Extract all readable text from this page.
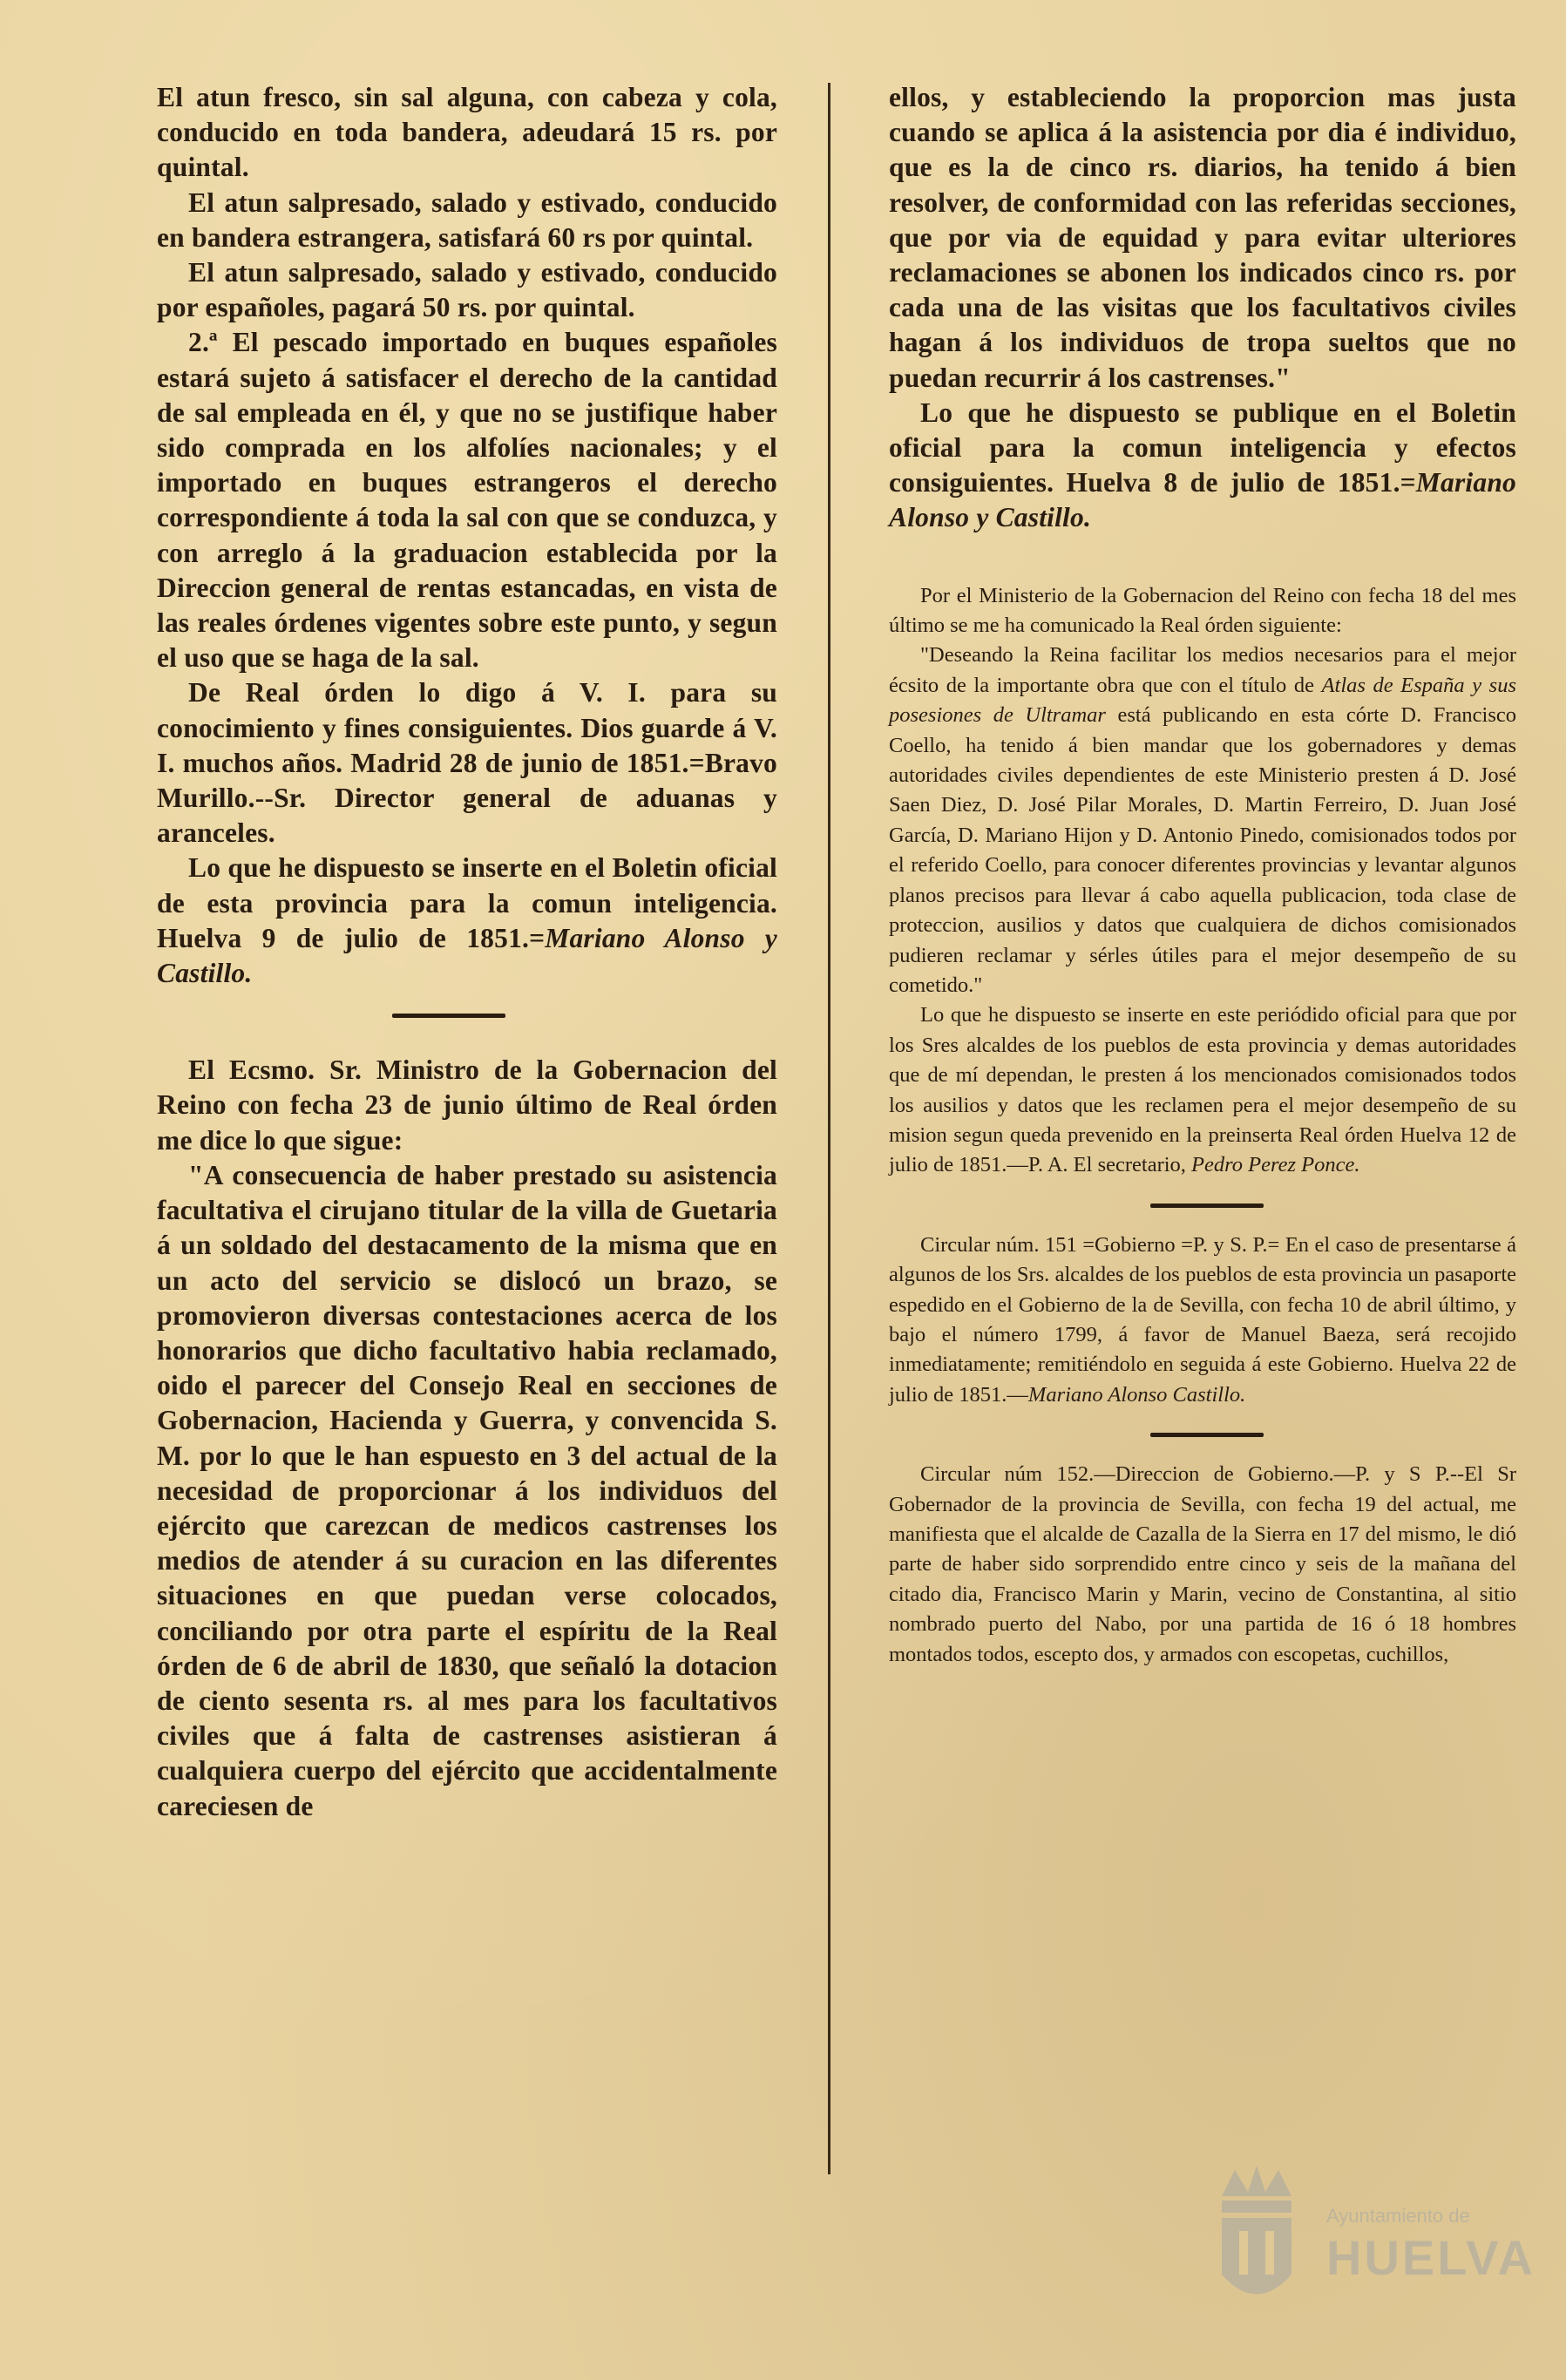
El atun fresco, sin sal alguna, con cabeza y cola, conducido en toda bandera, adeudará 15 rs. por quintal.

El atun salpresado, salado y estivado, conducido en bandera estrangera, satisfará 60 rs por quintal.

El atun salpresado, salado y estivado, conducido por españoles, pagará 50 rs. por quintal.

2.ª El pescado importado en buques españoles estará sujeto á satisfacer el derecho de la cantidad de sal empleada en él, y que no se justifique haber sido comprada en los alfolíes nacionales; y el importado en buques estrangeros el derecho correspondiente á toda la sal con que se conduzca, y con arreglo á la graduacion establecida por la Direccion general de rentas estancadas, en vista de las reales órdenes vigentes sobre este punto, y segun el uso que se haga de la sal.

De Real órden lo digo á V. I. para su conocimiento y fines consiguientes. Dios guarde á V. I. muchos años. Madrid 28 de junio de 1851.=Bravo Murillo.--Sr. Director general de aduanas y aranceles.

Lo que he dispuesto se inserte en el Boletin oficial de esta provincia para la comun inteligencia. Huelva 9 de julio de 1851.=Mariano Alonso y Castillo.

El Ecsmo. Sr. Ministro de la Gobernacion del Reino con fecha 23 de junio último de Real órden me dice lo que sigue:

"A consecuencia de haber prestado su asistencia facultativa el cirujano titular de la villa de Guetaria á un soldado del destacamento de la misma que en un acto del servicio se dislocó un brazo, se promovieron diversas contestaciones acerca de los honorarios que dicho facultativo habia reclamado, oido el parecer del Consejo Real en secciones de Gobernacion, Hacienda y Guerra, y convencida S. M. por lo que le han espuesto en 3 del actual de la necesidad de proporcionar á los individuos del ejército que carezcan de medicos castrenses los medios de atender á su curacion en las diferentes situaciones en que puedan verse colocados, conciliando por otra parte el espíritu de la Real órden de 6 de abril de 1830, que señaló la dotacion de ciento sesenta rs. al mes para los facultativos civiles que á falta de castrenses asistieran á cualquiera cuerpo del ejército que accidentalmente careciesen de

ellos, y estableciendo la proporcion mas justa cuando se aplica á la asistencia por dia é individuo, que es la de cinco rs. diarios, ha tenido á bien resolver, de conformidad con las referidas secciones, que por via de equidad y para evitar ulteriores reclamaciones se abonen los indicados cinco rs. por cada una de las visitas que los facultativos civiles hagan á los individuos de tropa sueltos que no puedan recurrir á los castrenses."

Lo que he dispuesto se publique en el Boletin oficial para la comun inteligencia y efectos consiguientes. Huelva 8 de julio de 1851.=Mariano Alonso y Castillo.

Por el Ministerio de la Gobernacion del Reino con fecha 18 del mes último se me ha comunicado la Real órden siguiente:

"Deseando la Reina facilitar los medios necesarios para el mejor écsito de la importante obra que con el título de Atlas de España y sus posesiones de Ultramar está publicando en esta córte D. Francisco Coello, ha tenido á bien mandar que los gobernadores y demas autoridades civiles dependientes de este Ministerio presten á D. José Saen Diez, D. José Pilar Morales, D. Martin Ferreiro, D. Juan José García, D. Mariano Hijon y D. Antonio Pinedo, comisionados todos por el referido Coello, para conocer diferentes provincias y levantar algunos planos precisos para llevar á cabo aquella publicacion, toda clase de proteccion, ausilios y datos que cualquiera de dichos comisionados pudieren reclamar y sérles útiles para el mejor desempeño de su cometido."

Lo que he dispuesto se inserte en este periódido oficial para que por los Sres alcaldes de los pueblos de esta provincia y demas autoridades que de mí dependan, le presten á los mencionados comisionados todos los ausilios y datos que les reclamen pera el mejor desempeño de su mision segun queda prevenido en la preinserta Real órden Huelva 12 de julio de 1851.—P. A. El secretario, Pedro Perez Ponce.

Circular núm. 151 =Gobierno =P. y S. P.= En el caso de presentarse á algunos de los Srs. alcaldes de los pueblos de esta provincia un pasaporte espedido en el Gobierno de la de Sevilla, con fecha 10 de abril último, y bajo el número 1799, á favor de Manuel Baeza, será recojido inmediatamente; remitiéndolo en seguida á este Gobierno. Huelva 22 de julio de 1851.—Mariano Alonso Castillo.

Circular núm 152.—Direccion de Gobierno.—P. y S P.--El Sr Gobernador de la provincia de Sevilla, con fecha 19 del actual, me manifiesta que el alcalde de Cazalla de la Sierra en 17 del mismo, le dió parte de haber sido sorprendido entre cinco y seis de la mañana del citado dia, Francisco Marin y Marin, vecino de Constantina, al sitio nombrado puerto del Nabo, por una partida de 16 ó 18 hombres montados todos, escepto dos, y armados con escopetas, cuchillos,

Ayuntamiento de
HUELVA
